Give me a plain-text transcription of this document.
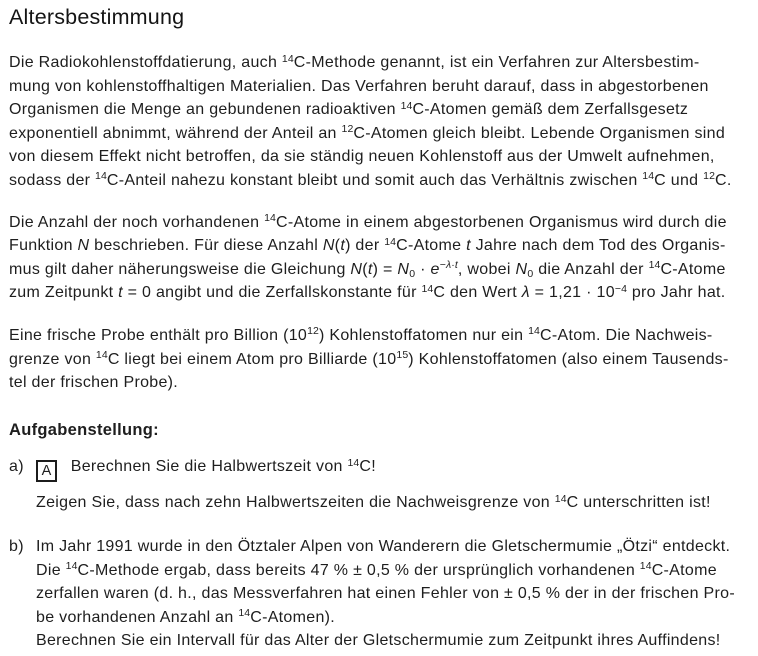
Altersbestimmung

Die Radiokohlenstoffdatierung, auch $^{14}$C-Methode genannt, ist ein Verfahren zur Altersbestim-
mung von kohlenstoffhaltigen Materialien. Das Verfahren beruht darauf, dass in abgestorbenen
Organismen die Menge an gebundenen radioaktiven $^{14}$C-Atomen gemäß dem Zerfallsgesetz
exponentiell abnimmt, während der Anteil an $^{12}$C-Atomen gleich bleibt. Lebende Organismen sind
von diesem Effekt nicht betroffen, da sie ständig neuen Kohlenstoff aus der Umwelt aufnehmen,
sodass der $^{14}$C-Anteil nahezu konstant bleibt und somit auch das Verhältnis zwischen $^{14}$C und $^{12}$C.

Die Anzahl der noch vorhandenen $^{14}$C-Atome in einem abgestorbenen Organismus wird durch die
Funktion N beschrieben. Für diese Anzahl N(t) der $^{14}$C-Atome t Jahre nach dem Tod des Organis-
mus gilt daher näherungsweise die Gleichung $N(t) = N_0 \cdot e^{-\lambda\cdot t}$, wobei $N_0$ die Anzahl der $^{14}$C-Atome
zum Zeitpunkt t = 0 angibt und die Zerfallskonstante für $^{14}$C den Wert $\lambda = 1,21 \cdot 10^{-4}$ pro Jahr hat.

Eine frische Probe enthält pro Billion $(10^{12})$ Kohlenstoffatomen nur ein $^{14}$C-Atom. Die Nachweis-
grenze von $^{14}$C liegt bei einem Atom pro Billiarde $(10^{15})$ Kohlenstoffatomen (also einem Tausends-
tel der frischen Probe).

Aufgabenstellung:
a)	A Berechnen Sie die Halbwertszeit von $^{14}$C!
Zeigen Sie, dass nach zehn Halbwertszeiten die Nachweisgrenze von $^{14}$C unterschritten ist!
b) Im Jahr 1991 wurde in den Ötztaler Alpen von Wanderern die Gletschermumie „Ötzi“ entdeckt.
Die $^{14}$C-Methode ergab, dass bereits 47 % ± 0,5 % der ursprünglich vorhandenen $^{14}$C-Atome
zerfallen waren (d. h., das Messverfahren hat einen Fehler von ± 0,5 % der in der frischen Pro-
be vorhandenen Anzahl an $^{14}$C-Atomen).
Berechnen Sie ein Intervall für das Alter der Gletschermumie zum Zeitpunkt ihres Auffindens!
